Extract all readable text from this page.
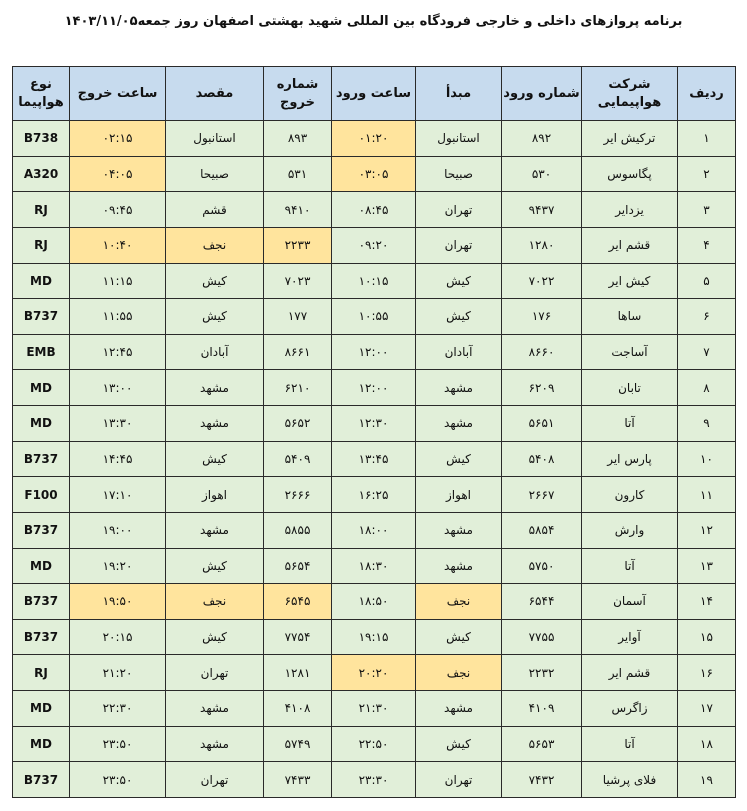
برنامه پروازهای داخلی و خارجی فرودگاه بین المللی شهید بهشتی اصفهان روز جمعه۱۴۰۳/۱۱/۰۵
ردیف	شرکت هواپیمایی	شماره ورود	مبدأ	ساعت ورود	شماره خروج	مقصد	ساعت خروج	نوع هواپیما
۱	ترکیش ایر	۸۹۲	استانبول	۰۱:۲۰	۸۹۳	استانبول	۰۲:۱۵	B738
۲	پگاسوس	۵۳۰	صبیحا	۰۳:۰۵	۵۳۱	صبیحا	۰۴:۰۵	A320
۳	یزدایر	۹۴۳۷	تهران	۰۸:۴۵	۹۴۱۰	قشم	۰۹:۴۵	RJ
۴	قشم ایر	۱۲۸۰	تهران	۰۹:۲۰	۲۲۳۳	نجف	۱۰:۴۰	RJ
۵	کیش ایر	۷۰۲۲	کیش	۱۰:۱۵	۷۰۲۳	کیش	۱۱:۱۵	MD
۶	ساها	۱۷۶	کیش	۱۰:۵۵	۱۷۷	کیش	۱۱:۵۵	B737
۷	آساجت	۸۶۶۰	آبادان	۱۲:۰۰	۸۶۶۱	آبادان	۱۲:۴۵	EMB
۸	تابان	۶۲۰۹	مشهد	۱۲:۰۰	۶۲۱۰	مشهد	۱۳:۰۰	MD
۹	آتا	۵۶۵۱	مشهد	۱۲:۳۰	۵۶۵۲	مشهد	۱۳:۳۰	MD
۱۰	پارس ایر	۵۴۰۸	کیش	۱۳:۴۵	۵۴۰۹	کیش	۱۴:۴۵	B737
۱۱	کارون	۲۶۶۷	اهواز	۱۶:۲۵	۲۶۶۶	اهواز	۱۷:۱۰	F100
۱۲	وارش	۵۸۵۴	مشهد	۱۸:۰۰	۵۸۵۵	مشهد	۱۹:۰۰	B737
۱۳	آتا	۵۷۵۰	مشهد	۱۸:۳۰	۵۶۵۴	کیش	۱۹:۲۰	MD
۱۴	آسمان	۶۵۴۴	نجف	۱۸:۵۰	۶۵۴۵	نجف	۱۹:۵۰	B737
۱۵	آوایر	۷۷۵۵	کیش	۱۹:۱۵	۷۷۵۴	کیش	۲۰:۱۵	B737
۱۶	قشم ایر	۲۲۳۲	نجف	۲۰:۲۰	۱۲۸۱	تهران	۲۱:۲۰	RJ
۱۷	زاگرس	۴۱۰۹	مشهد	۲۱:۳۰	۴۱۰۸	مشهد	۲۲:۳۰	MD
۱۸	آتا	۵۶۵۳	کیش	۲۲:۵۰	۵۷۴۹	مشهد	۲۳:۵۰	MD
۱۹	فلای پرشیا	۷۴۳۲	تهران	۲۳:۳۰	۷۴۳۳	تهران	۲۳:۵۰	B737
